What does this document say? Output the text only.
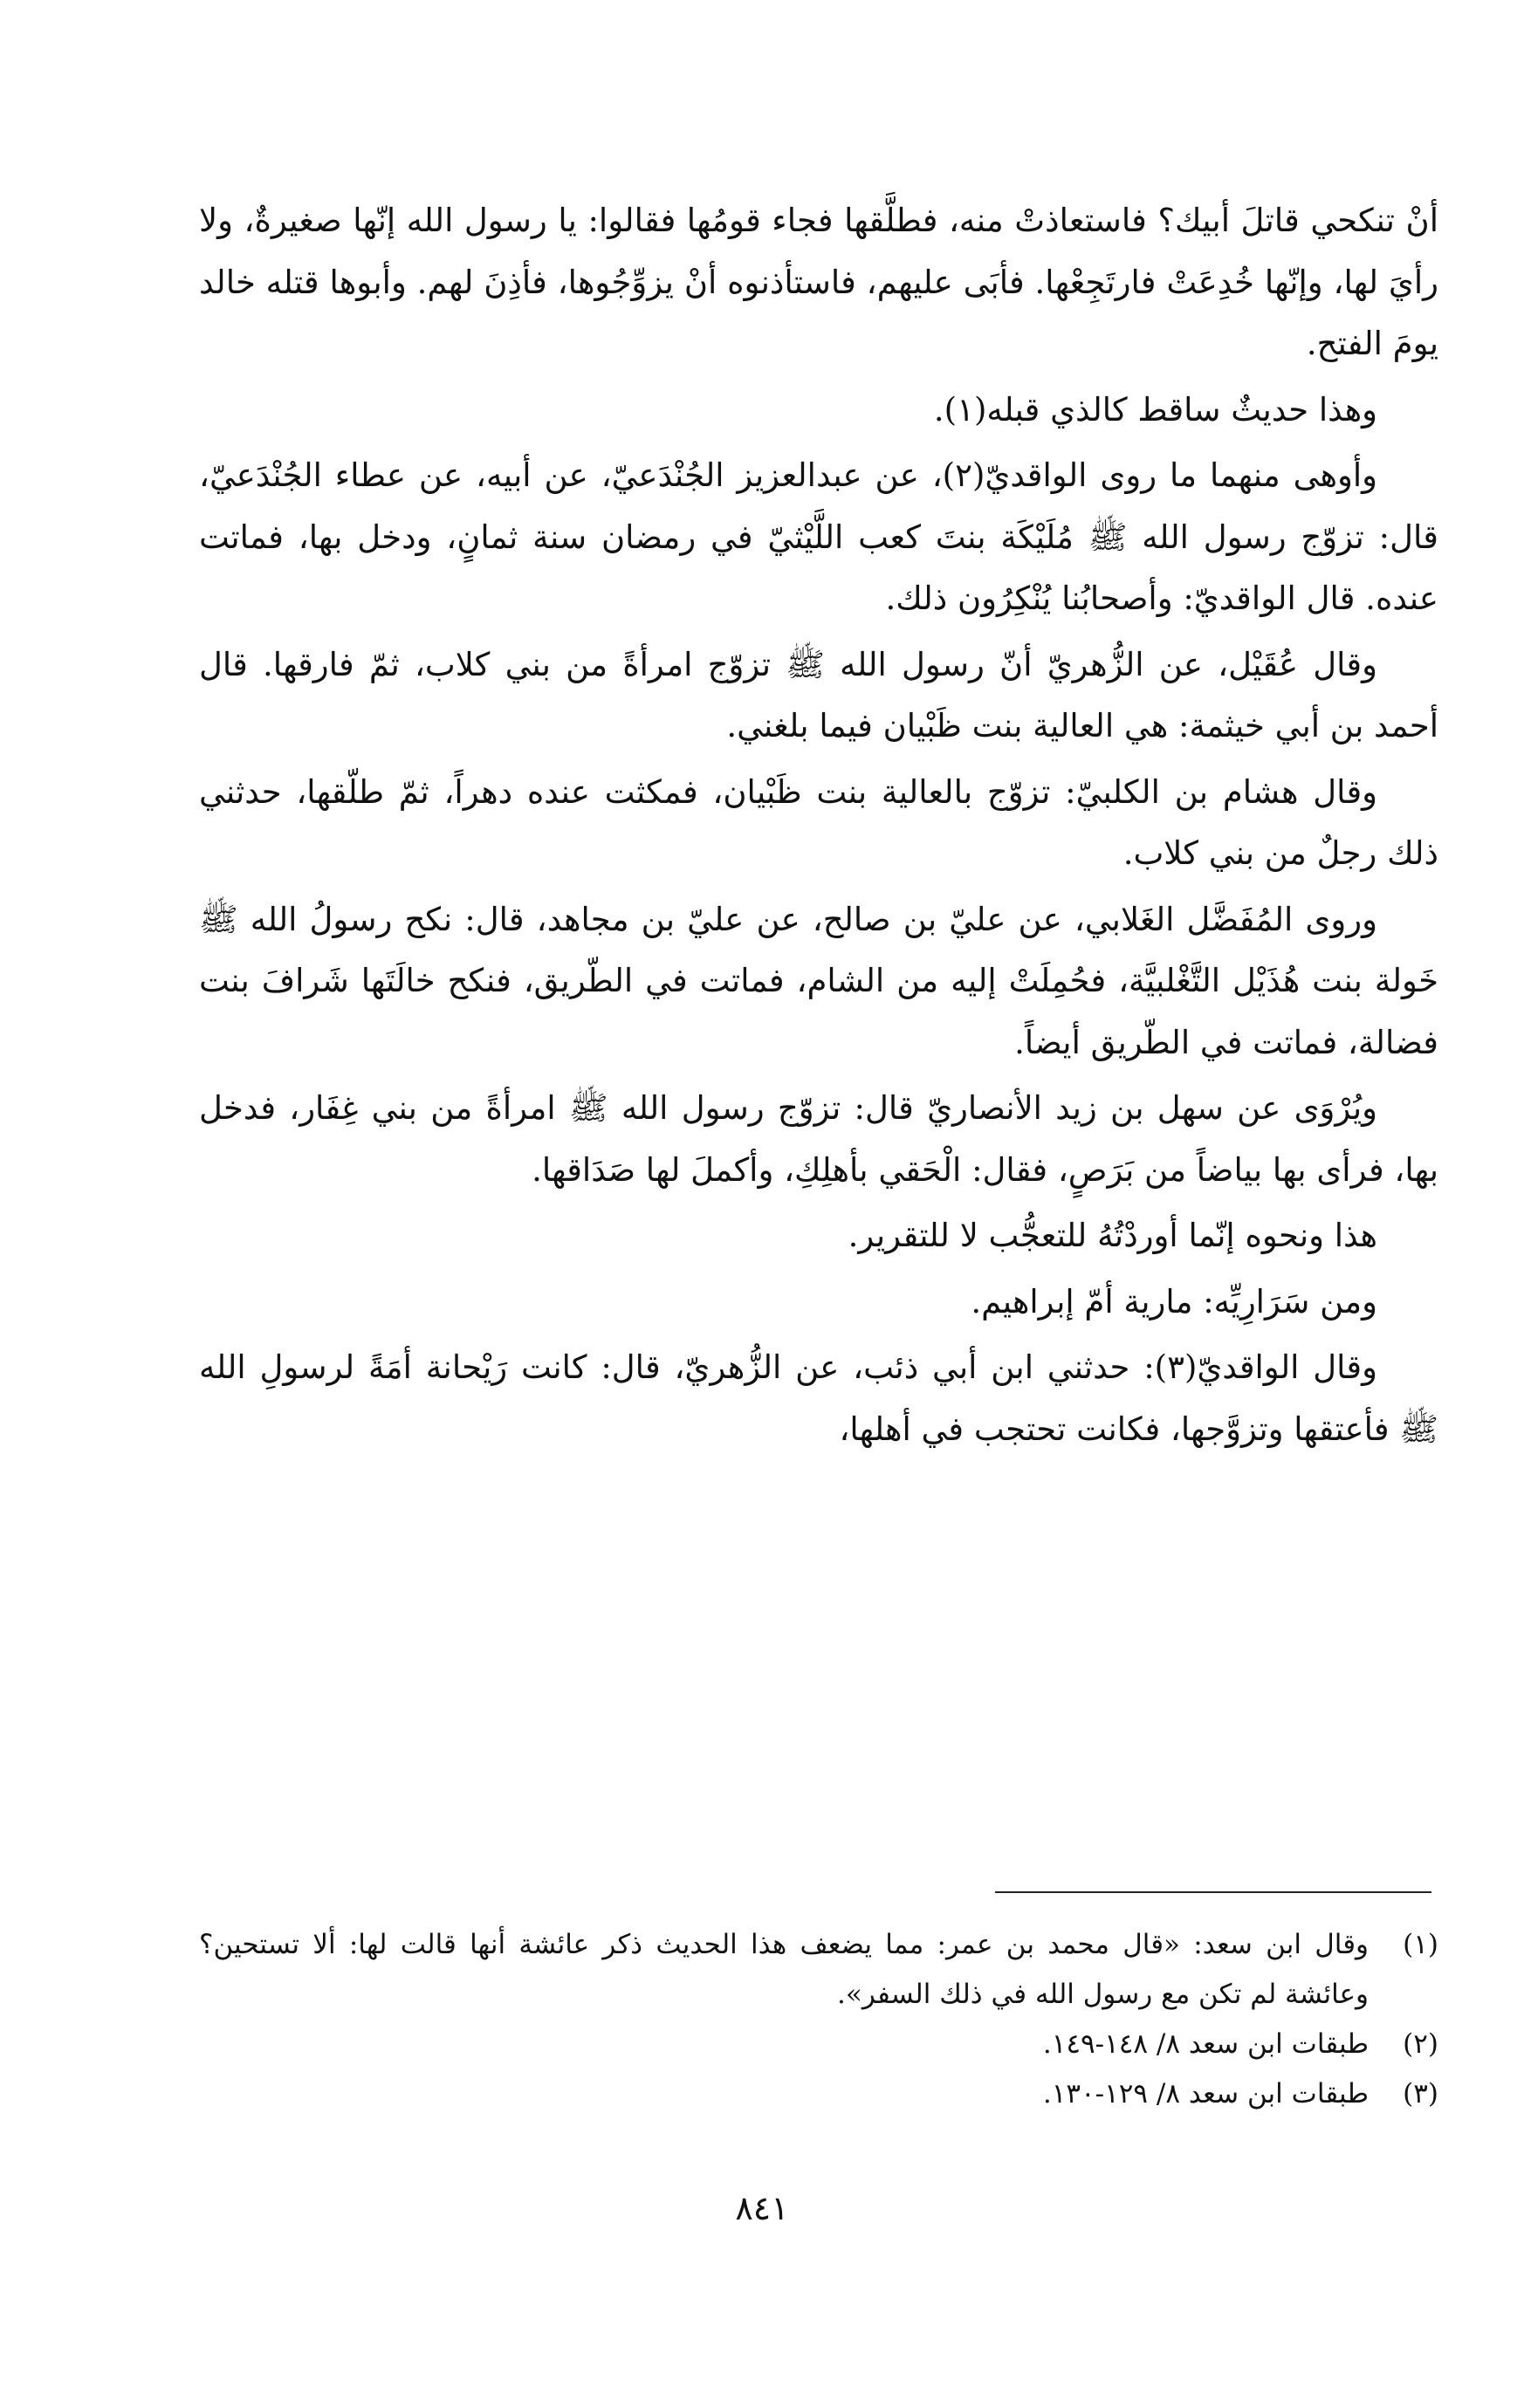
أنْ تنكحي قاتلَ أبيك؟ فاستعاذتْ منه، فطلَّقها فجاء قومُها فقالوا: يا رسول الله إنّها صغيرةٌ، ولا رأيَ لها، وإنّها خُدِعَتْ فارتَجِعْها. فأبَى عليهم، فاستأذنوه أنْ يزوِّجُوها، فأذِنَ لهم. وأبوها قتله خالد يومَ الفتح.

وهذا حديثٌ ساقط كالذي قبله(١).

وأوهى منهما ما روى الواقديّ(٢)، عن عبدالعزيز الجُنْدَعيّ، عن أبيه، عن عطاء الجُنْدَعيّ، قال: تزوّج رسول الله ﷺ مُلَيْكَة بنتَ كعب اللَّيْثيّ في رمضان سنة ثمانٍ، ودخل بها، فماتت عنده. قال الواقديّ: وأصحابُنا يُنْكِرُون ذلك.

وقال عُقَيْل، عن الزُّهريّ أنّ رسول الله ﷺ تزوّج امرأةً من بني كلاب، ثمّ فارقها. قال أحمد بن أبي خيثمة: هي العالية بنت ظَبْيان فيما بلغني.

وقال هشام بن الكلبيّ: تزوّج بالعالية بنت ظَبْيان، فمكثت عنده دهراً، ثمّ طلّقها، حدثني ذلك رجلٌ من بني كلاب.

وروى المُفَضَّل الغَلابي، عن عليّ بن صالح، عن عليّ بن مجاهد، قال: نكح رسولُ الله ﷺ خَولة بنت هُذَيْل التَّغْلبيَّة، فحُمِلَتْ إليه من الشام، فماتت في الطّريق، فنكح خالَتَها شَرافَ بنت فضالة، فماتت في الطّريق أيضاً.

ويُرْوَى عن سهل بن زيد الأنصاريّ قال: تزوّج رسول الله ﷺ امرأةً من بني غِفَار، فدخل بها، فرأى بها بياضاً من بَرَصٍ، فقال: الْحَقي بأهلِكِ، وأكملَ لها صَدَاقها.

هذا ونحوه إنّما أوردْتُهُ للتعجُّب لا للتقرير.

ومن سَرَارِيِّه: مارية أمّ إبراهيم.

وقال الواقديّ(٣): حدثني ابن أبي ذئب، عن الزُّهريّ، قال: كانت رَيْحانة أمَةً لرسولِ الله ﷺ فأعتقها وتزوَّجها، فكانت تحتجب في أهلها،

(١)
وقال ابن سعد: «قال محمد بن عمر: مما يضعف هذا الحديث ذكر عائشة أنها قالت لها: ألا تستحين؟ وعائشة لم تكن مع رسول الله في ذلك السفر».
(٢)
طبقات ابن سعد ٨/ ١٤٨-١٤٩.
(٣)
طبقات ابن سعد ٨/ ١٢٩-١٣٠.
٨٤١
